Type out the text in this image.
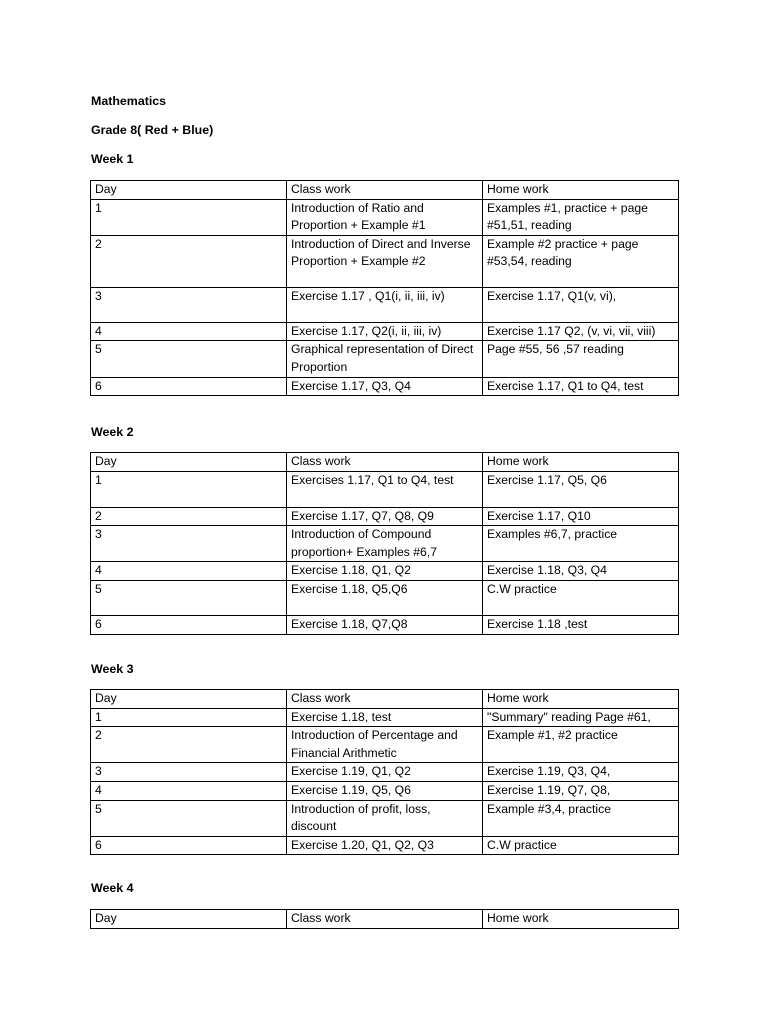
Mathematics

Grade 8( Red + Blue)

Week 1

Day	Class work	Home work
1	Introduction of Ratio and Proportion + Example #1	Examples #1, practice + page #51,51, reading
2	Introduction of Direct and Inverse Proportion + Example #2	Example #2 practice + page #53,54, reading
3	Exercise 1.17 , Q1(i, ii, iii, iv)	Exercise 1.17, Q1(v, vi),
4	Exercise 1.17, Q2(i, ii, iii, iv)	Exercise 1.17 Q2, (v, vi, vii, viii)
5	Graphical representation of Direct Proportion	Page #55, 56 ,57 reading
6	Exercise 1.17, Q3, Q4	Exercise 1.17, Q1 to Q4, test

Week 2

Day	Class work	Home work
1	Exercises 1.17, Q1 to Q4, test	Exercise 1.17, Q5, Q6
2	Exercise 1.17, Q7, Q8, Q9	Exercise 1.17, Q10
3	Introduction of Compound proportion+ Examples #6,7	Examples #6,7, practice
4	Exercise 1.18, Q1, Q2	Exercise 1.18, Q3, Q4
5	Exercise 1.18, Q5,Q6	C.W practice
6	Exercise 1.18, Q7,Q8	Exercise 1.18 ,test

Week 3

Day	Class work	Home work
1	Exercise 1.18, test	"Summary" reading Page #61,
2	Introduction of Percentage and Financial Arithmetic	Example #1, #2 practice
3	Exercise 1.19, Q1, Q2	Exercise 1.19, Q3, Q4,
4	Exercise 1.19, Q5, Q6	Exercise 1.19, Q7, Q8,
5	Introduction of profit, loss, discount	Example #3,4, practice
6	Exercise 1.20, Q1, Q2, Q3	C.W practice

Week 4

Day	Class work	Home work
